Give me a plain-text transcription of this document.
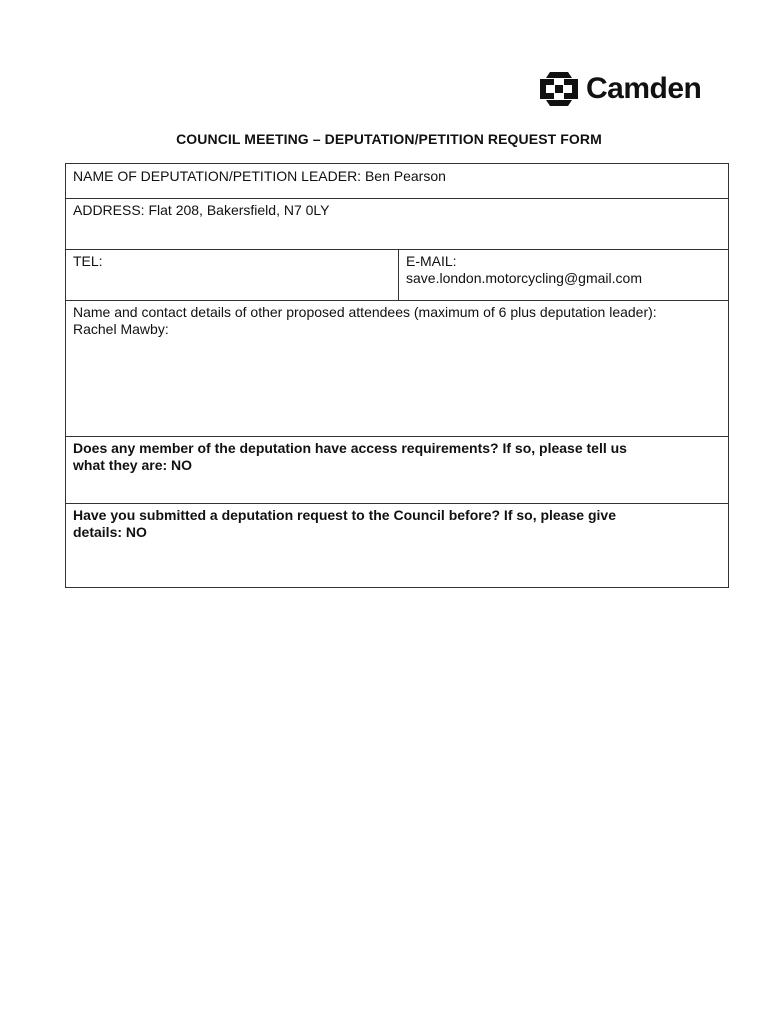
Camden
COUNCIL MEETING – DEPUTATION/PETITION REQUEST FORM
NAME OF DEPUTATION/PETITION LEADER: Ben Pearson
ADDRESS: Flat 208, Bakersfield, N7 0LY
TEL:	E-MAIL:
save.london.motorcycling@gmail.com
Name and contact details of other proposed attendees (maximum of 6 plus deputation leader):
Rachel Mawby:
Does any member of the deputation have access requirements? If so, please tell us
what they are: NO
Have you submitted a deputation request to the Council before? If so, please give
details: NO
